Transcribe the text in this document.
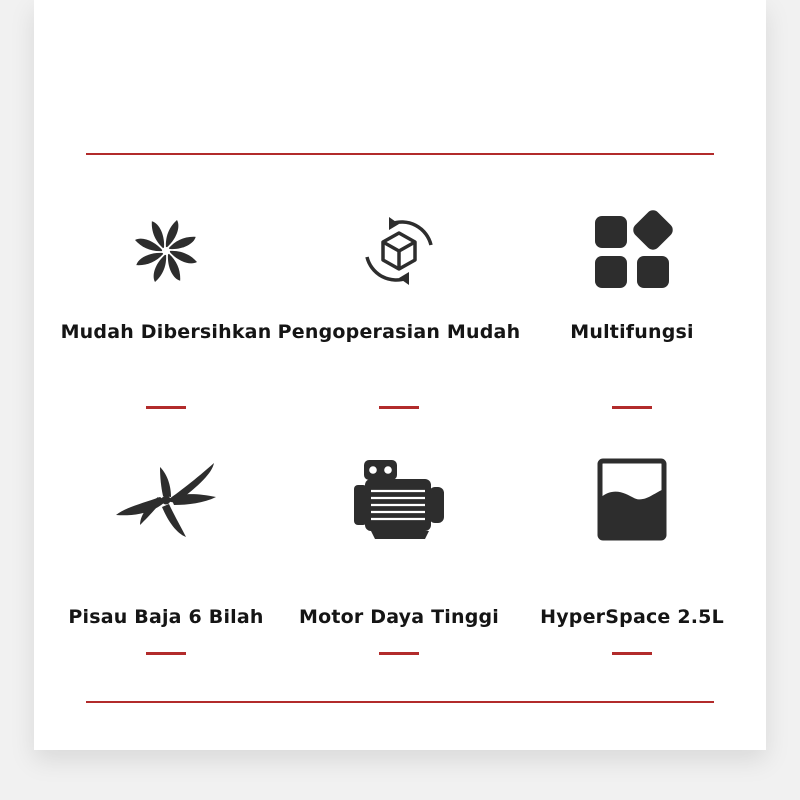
Mudah Dibersihkan Pengoperasian Mudah	Multifungsi
Pisau Baja 6 Bilah	Motor Daya Tinggi	HyperSpace 2.5L
